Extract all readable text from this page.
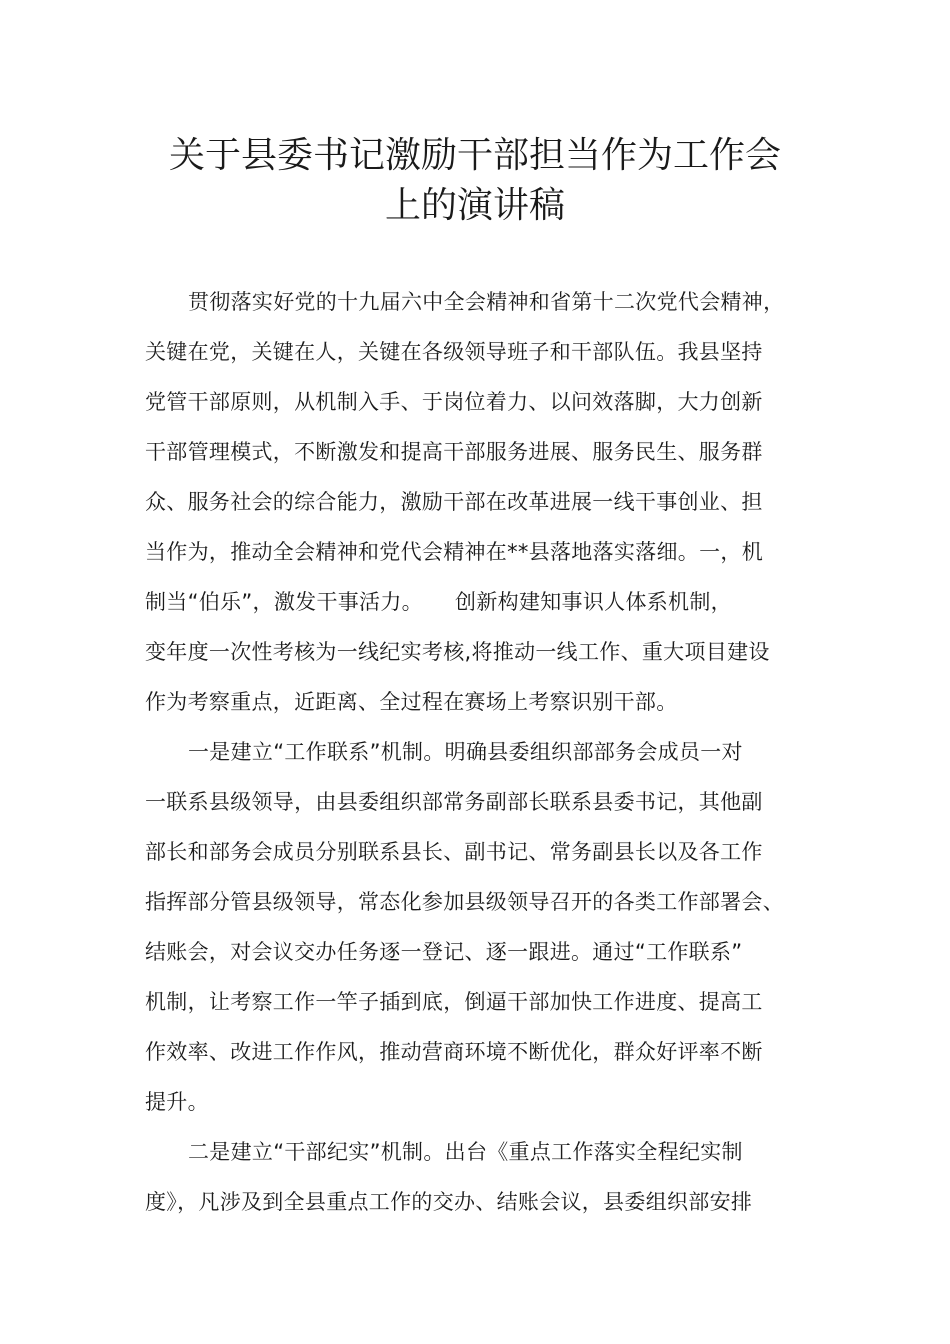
关于县委书记激励干部担当作为工作会
上的演讲稿
贯彻落实好党的十九届六中全会精神和省第十二次党代会精神，
关键在党，关键在人，关键在各级领导班子和干部队伍。我县坚持
党管干部原则，从机制入手、于岗位着力、以问效落脚，大力创新
干部管理模式，不断激发和提高干部服务进展、服务民生、服务群
众、服务社会的综合能力，激励干部在改革进展一线干事创业、担
当作为，推动全会精神和党代会精神在**县落地落实落细。一，机
制当“伯乐”，激发干事活力。　　创新构建知事识人体系机制，
变年度一次性考核为一线纪实考核,将推动一线工作、重大项目建设
作为考察重点，近距离、全过程在赛场上考察识别干部。
一是建立“工作联系”机制。明确县委组织部部务会成员一对
一联系县级领导，由县委组织部常务副部长联系县委书记，其他副
部长和部务会成员分别联系县长、副书记、常务副县长以及各工作
指挥部分管县级领导，常态化参加县级领导召开的各类工作部署会、
结账会，对会议交办任务逐一登记、逐一跟进。通过“工作联系”
机制，让考察工作一竿子插到底，倒逼干部加快工作进度、提高工
作效率、改进工作作风，推动营商环境不断优化，群众好评率不断
提升。
二是建立“干部纪实”机制。出台《重点工作落实全程纪实制
度》，凡涉及到全县重点工作的交办、结账会议，县委组织部安排
